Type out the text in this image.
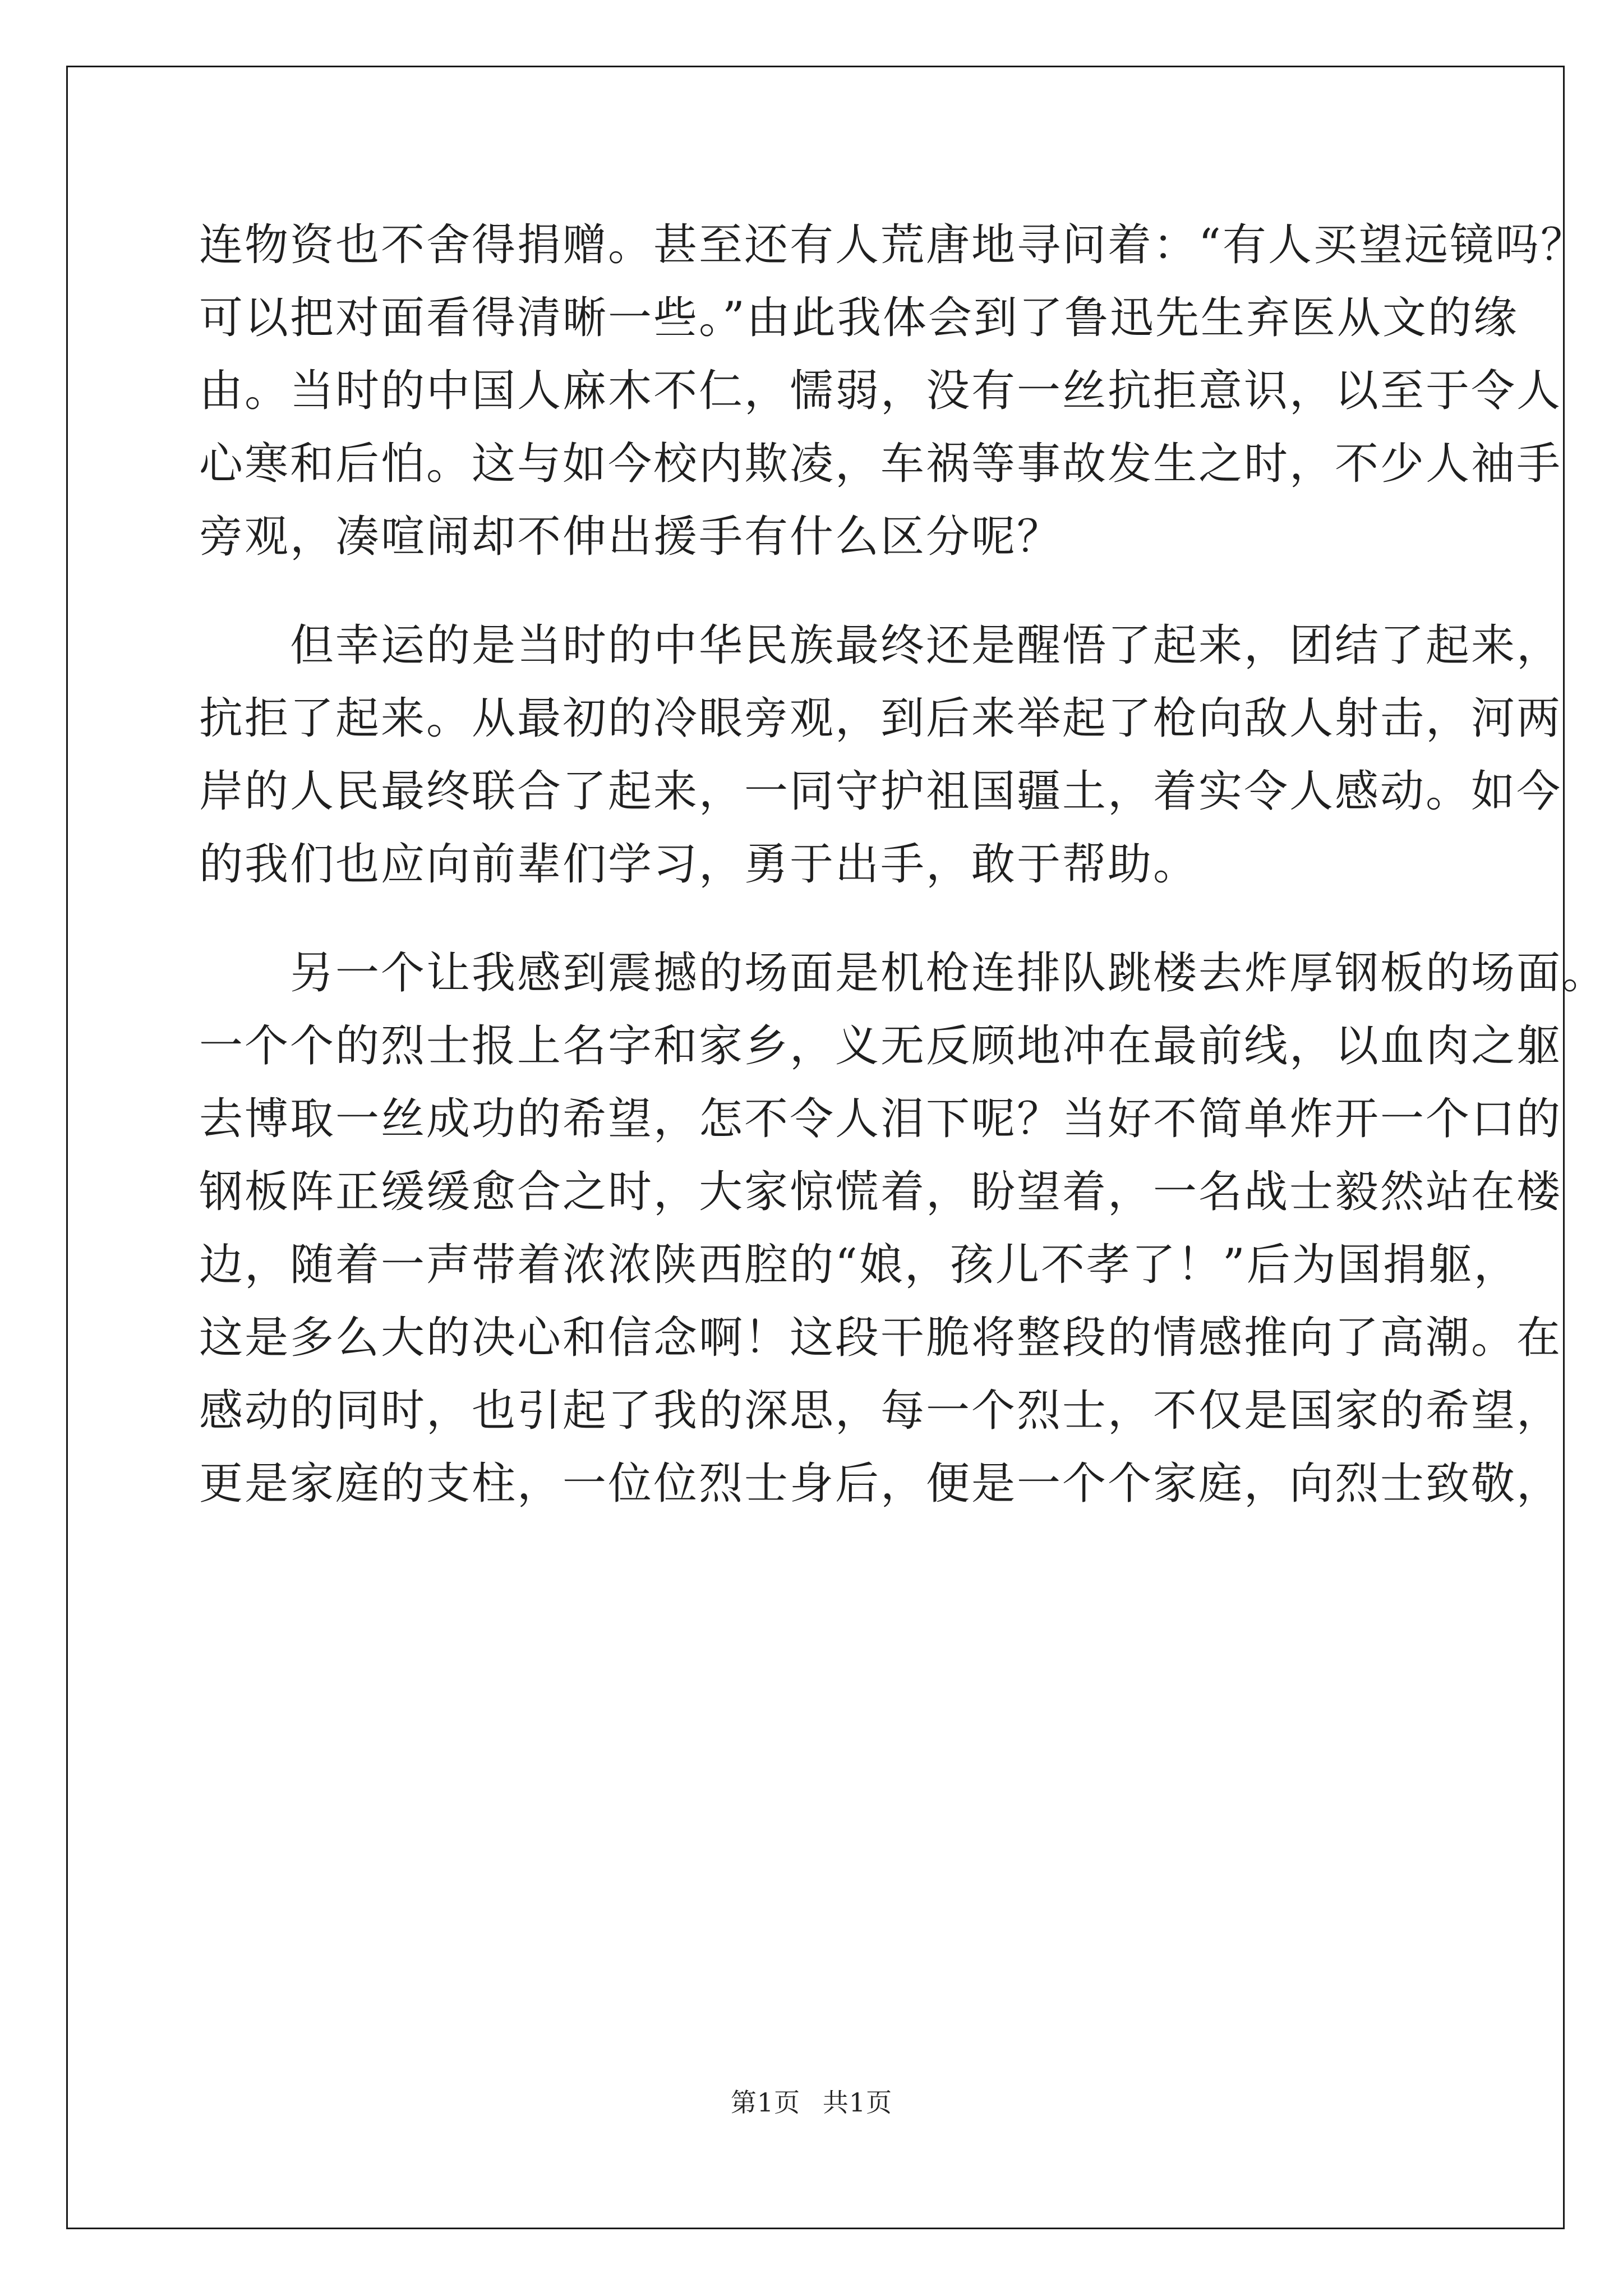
连物资也不舍得捐赠。甚至还有人荒唐地寻问着：“有人买望远镜吗？
可以把对面看得清晰一些。”由此我体会到了鲁迅先生弃医从文的缘
由。当时的中国人麻木不仁，懦弱，没有一丝抗拒意识，以至于令人
心寒和后怕。这与如今校内欺凌，车祸等事故发生之时，不少人袖手
旁观，凑喧闹却不伸出援手有什么区分呢？
　　但幸运的是当时的中华民族最终还是醒悟了起来，团结了起来，
抗拒了起来。从最初的冷眼旁观，到后来举起了枪向敌人射击，河两
岸的人民最终联合了起来，一同守护祖国疆土，着实令人感动。如今
的我们也应向前辈们学习，勇于出手，敢于帮助。
　　另一个让我感到震撼的场面是机枪连排队跳楼去炸厚钢板的场面。
一个个的烈士报上名字和家乡，义无反顾地冲在最前线，以血肉之躯
去博取一丝成功的希望，怎不令人泪下呢？当好不简单炸开一个口的
钢板阵正缓缓愈合之时，大家惊慌着，盼望着，一名战士毅然站在楼
边，随着一声带着浓浓陕西腔的“娘，孩儿不孝了！”后为国捐躯，
这是多么大的决心和信念啊！这段干脆将整段的情感推向了高潮。在
感动的同时，也引起了我的深思，每一个烈士，不仅是国家的希望，
更是家庭的支柱，一位位烈士身后，便是一个个家庭，向烈士致敬，
第1页 共1页
